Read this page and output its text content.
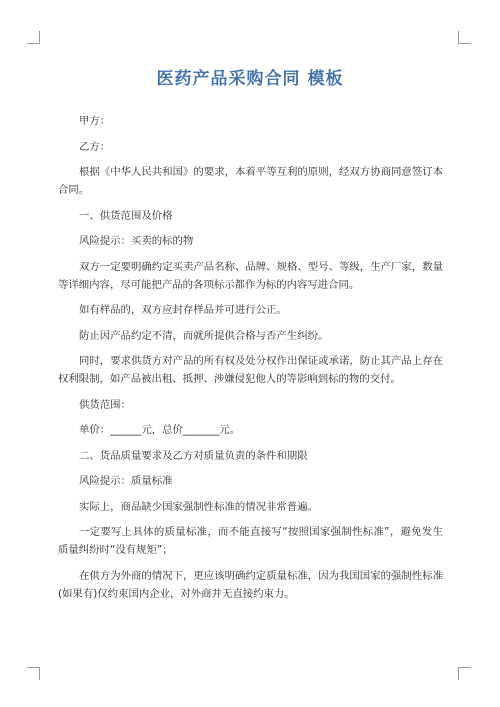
医药产品采购合同 模板

甲方：

乙方：

根据《中华人民共和国》的要求，本着平等互利的原则，经双方协商同意签订本合同。

一、供货范围及价格

风险提示：买卖的标的物

双方一定要明确约定买卖产品名称、品牌、规格、型号、等级，生产厂家，数量等详细内容，尽可能把产品的各项标示都作为标的内容写进合同。

如有样品的，双方应封存样品并可进行公正。

防止因产品约定不清，而就所提供合格与否产生纠纷。

同时，要求供货方对产品的所有权及处分权作出保证或承诺，防止其产品上存在权利限制，如产品被出租、抵押、涉嫌侵犯他人的等影响到标的物的交付。

供货范围：

单价：______元，总价_______元。

二、货品质量要求及乙方对质量负责的条件和期限

风险提示：质量标准

实际上，商品缺少国家强制性标准的情况非常普遍。

一定要写上具体的质量标准，而不能直接写“按照国家强制性标准”，避免发生质量纠纷时“没有规矩”；

在供方为外商的情况下，更应该明确约定质量标准，因为我国国家的强制性标准(如果有)仅约束国内企业，对外商并无直接约束力。
